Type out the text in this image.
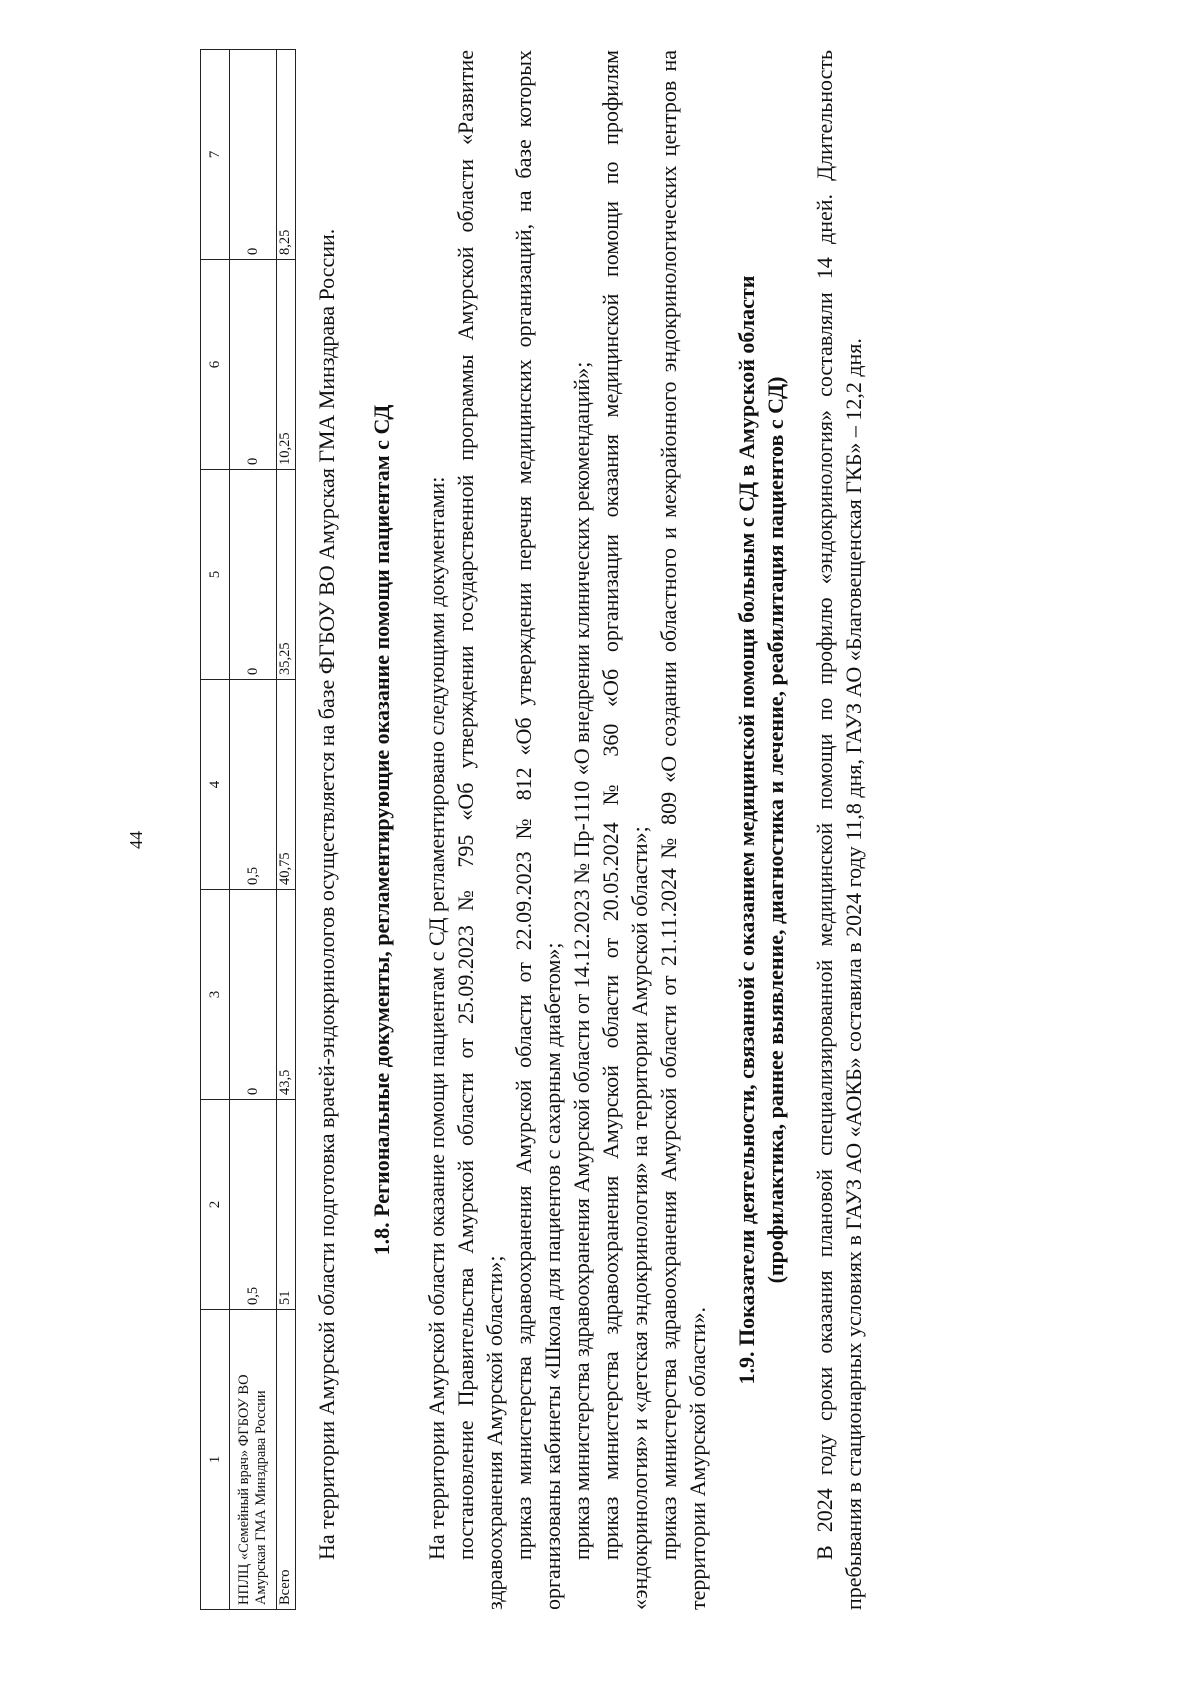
44
1	2	3	4	5	6	7
НПЛЦ «Семейный врач» ФГБОУ ВО Амурская ГМА Минздрава России	0,5	0	0,5	0	0	0
Всего	51	43,5	40,75	35,25	10,25	8,25 На территории Амурской области подготовка врачей-эндокринологов осуществляется на базе ФГБОУ ВО Амурская ГМА Минздрава России. 1.8. Региональные документы, регламентирующие оказание помощи пациентам с СД На территории Амурской области оказание помощи пациентам с СД регламентировано следующими документами: постановление Правительства Амурской области от 25.09.2023 № 795 «Об утверждении государственной программы Амурской области «Развитие здравоохранения Амурской области»; приказ министерства здравоохранения Амурской области от 22.09.2023 № 812 «Об утверждении перечня медицинских организаций, на базе которых организованы кабинеты «Школа для пациентов с сахарным диабетом»; приказ министерства здравоохранения Амурской области от 14.12.2023 № Пр-1110 «О внедрении клинических рекомендаций»; приказ министерства здравоохранения Амурской области от 20.05.2024 № 360 «Об организации оказания медицинской помощи по профилям «эндокринология» и «детская эндокринология» на территории Амурской области»; приказ министерства здравоохранения Амурской области от 21.11.2024 № 809 «О создании областного и межрайонного эндокринологических центров на территории Амурской области».

1.9. Показатели деятельности, связанной с оказанием медицинской помощи больным с СД в Амурской области (профилактика, раннее выявление, диагностика и лечение, реабилитация пациентов с СД) В 2024 году сроки оказания плановой специализированной медицинской помощи по профилю «эндокринология» составляли 14 дней. Длительность пребывания в стационарных условиях в ГАУЗ АО «АОКБ» составила в 2024 году 11,8 дня, ГАУЗ АО «Благовещенская ГКБ» – 12,2 дня.
